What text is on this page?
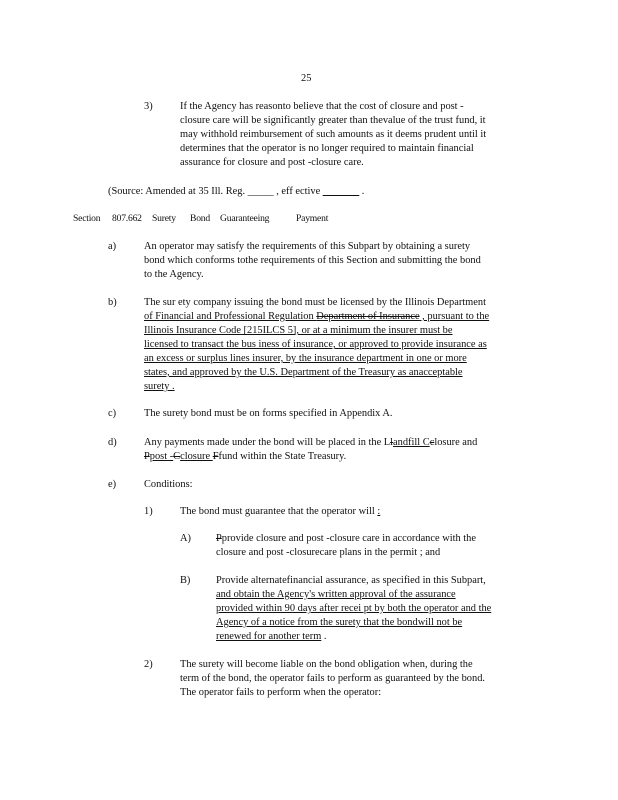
25
3)	If the Agency has reasonto believe that the cost of closure and post -
closure care will be significantly greater than thevalue of the trust fund, it
may withhold reimbursement of such amounts as it deems prudent until it
determines that the operator is no longer required to maintain financial
assurance for closure and post -closure care.
(Source: Amended at 35 Ill. Reg. _____ , eff ective _______ .
Section 807.662 Surety Bond Guaranteeing	Payment
a)	An operator may satisfy the requirements of this Subpart by obtaining a surety
bond which conforms tothe requirements of this Section and submitting the bond
to the Agency.
b)	The sur ety company issuing the bond must be licensed by the Illinois Department
of Financial and Professional Regulation Department of Insurance , pursuant to the
Illinois Insurance Code [215ILCS 5], or at a minimum the insurer must be
licensed to transact the bus iness of insurance, or approved to provide insurance as
an excess or surplus lines insurer, by the insurance department in one or more
states, and approved by the U.S. Department of the Treasury as anacceptable
surety .
c)	The surety bond must be on forms specified in Appendix A.
d)	Any payments made under the bond will be placed in the Llandfill Cclosure and
Ppost -Cclosure Ffund within the State Treasury.
e)	Conditions:
1)	The bond must guarantee that the operator will :
A) Pprovide closure and post -closure care in accordance with the
closure and post -closurecare plans in the permit ; and
B) Provide alternatefinancial assurance, as specified in this Subpart,
and obtain the Agency's written approval of the assurance
provided within 90 days after recei pt by both the operator and the
Agency of a notice from the surety that the bondwill not be
renewed for another term .
2)	The surety will become liable on the bond obligation when, during the
term of the bond, the operator fails to perform as guaranteed by the bond.
The operator fails to perform when the operator:
